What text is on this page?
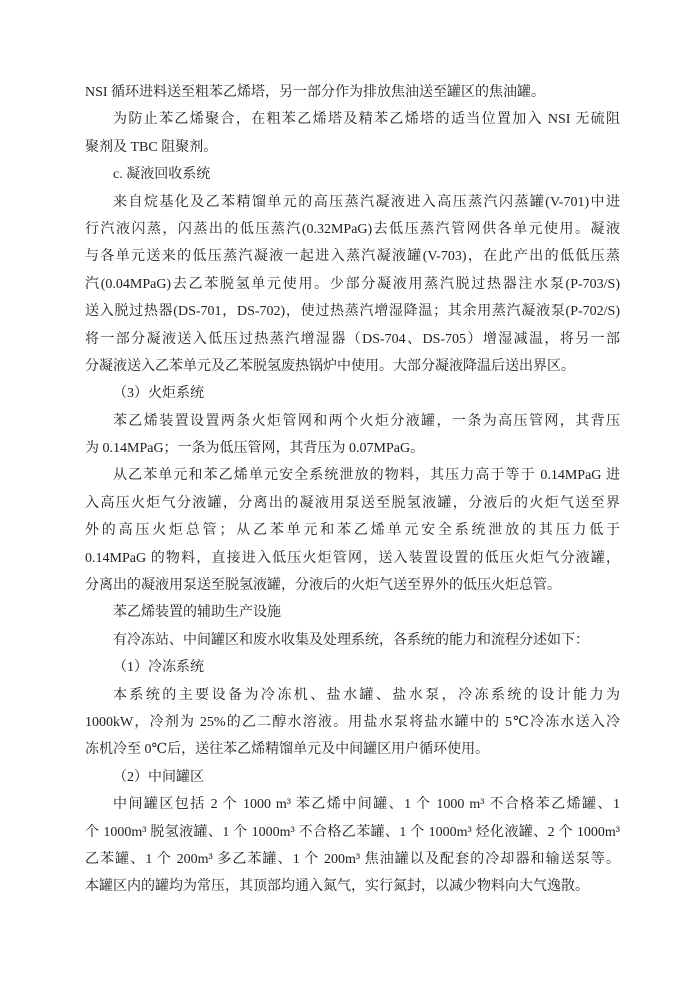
NSI 循环进料送至粗苯乙烯塔，另一部分作为排放焦油送至罐区的焦油罐。
为防止苯乙烯聚合，在粗苯乙烯塔及精苯乙烯塔的适当位置加入 NSI 无硫阻
聚剂及 TBC 阻聚剂。
c. 凝液回收系统
来自烷基化及乙苯精馏单元的高压蒸汽凝液进入高压蒸汽闪蒸罐(V-701)中进
行汽液闪蒸，闪蒸出的低压蒸汽(0.32MPaG)去低压蒸汽管网供各单元使用。凝液
与各单元送来的低压蒸汽凝液一起进入蒸汽凝液罐(V-703)，在此产出的低低压蒸
汽(0.04MPaG)去乙苯脱氢单元使用。少部分凝液用蒸汽脱过热器注水泵(P-703/S)
送入脱过热器(DS-701，DS-702)，使过热蒸汽增湿降温；其余用蒸汽凝液泵(P-702/S)
将一部分凝液送入低压过热蒸汽增湿器（DS-704、DS-705）增湿减温，将另一部
分凝液送入乙苯单元及乙苯脱氢废热锅炉中使用。大部分凝液降温后送出界区。
（3）火炬系统
苯乙烯装置设置两条火炬管网和两个火炬分液罐，一条为高压管网，其背压
为 0.14MPaG；一条为低压管网，其背压为 0.07MPaG。
从乙苯单元和苯乙烯单元安全系统泄放的物料，其压力高于等于 0.14MPaG 进
入高压火炬气分液罐，分离出的凝液用泵送至脱氢液罐，分液后的火炬气送至界
外的高压火炬总管；从乙苯单元和苯乙烯单元安全系统泄放的其压力低于
0.14MPaG 的物料，直接进入低压火炬管网，送入装置设置的低压火炬气分液罐，
分离出的凝液用泵送至脱氢液罐，分液后的火炬气送至界外的低压火炬总管。
苯乙烯装置的辅助生产设施
有冷冻站、中间罐区和废水收集及处理系统，各系统的能力和流程分述如下：
（1）冷冻系统
本系统的主要设备为冷冻机、盐水罐、盐水泵，冷冻系统的设计能力为
1000kW，冷剂为 25%的乙二醇水溶液。用盐水泵将盐水罐中的 5℃冷冻水送入冷
冻机冷至 0℃后，送往苯乙烯精馏单元及中间罐区用户循环使用。
（2）中间罐区
中间罐区包括 2 个 1000 m³ 苯乙烯中间罐、1 个 1000 m³ 不合格苯乙烯罐、1
个 1000m³ 脱氢液罐、1 个 1000m³ 不合格乙苯罐、1 个 1000m³ 烃化液罐、2 个 1000m³
乙苯罐、1 个 200m³ 多乙苯罐、1 个 200m³ 焦油罐以及配套的冷却器和输送泵等。
本罐区内的罐均为常压，其顶部均通入氮气，实行氮封，以减少物料向大气逸散。
